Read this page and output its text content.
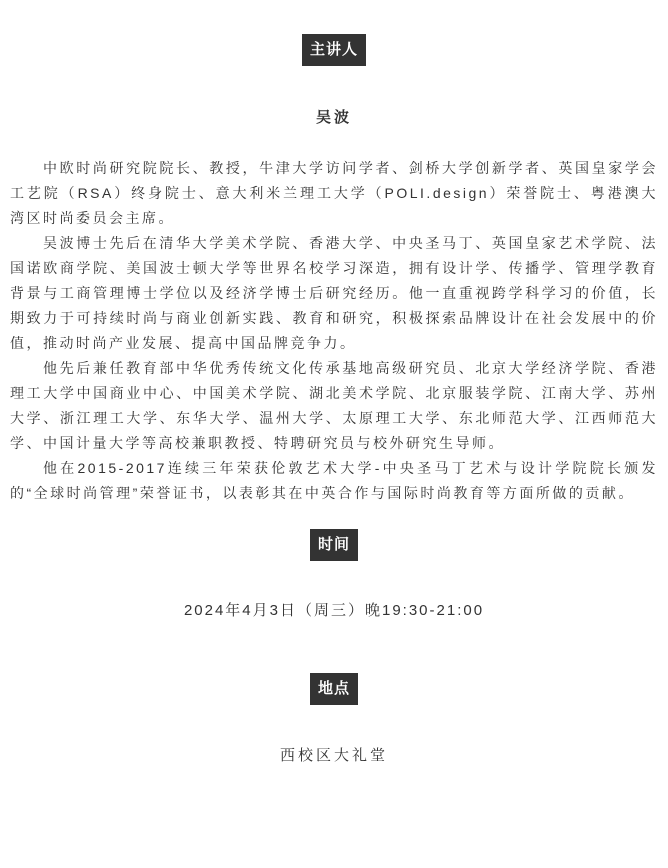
主讲人
吴波

中欧时尚研究院院长、教授，牛津大学访问学者、剑桥大学创新学者、英国皇家学会工艺院（RSA）终身院士、意大利米兰理工大学（POLI.design）荣誉院士、粤港澳大湾区时尚委员会主席。

吴波博士先后在清华大学美术学院、香港大学、中央圣马丁、英国皇家艺术学院、法国诺欧商学院、美国波士顿大学等世界名校学习深造，拥有设计学、传播学、管理学教育背景与工商管理博士学位以及经济学博士后研究经历。他一直重视跨学科学习的价值，长期致力于可持续时尚与商业创新实践、教育和研究，积极探索品牌设计在社会发展中的价值，推动时尚产业发展、提高中国品牌竞争力。

他先后兼任教育部中华优秀传统文化传承基地高级研究员、北京大学经济学院、香港理工大学中国商业中心、中国美术学院、湖北美术学院、北京服装学院、江南大学、苏州大学、浙江理工大学、东华大学、温州大学、太原理工大学、东北师范大学、江西师范大学、中国计量大学等高校兼职教授、特聘研究员与校外研究生导师。

他在2015-2017连续三年荣获伦敦艺术大学-中央圣马丁艺术与设计学院院长颁发的“全球时尚管理”荣誉证书，以表彰其在中英合作与国际时尚教育等方面所做的贡献。

时间
2024年4月3日（周三）晚19:30-21:00
地点
西校区大礼堂
